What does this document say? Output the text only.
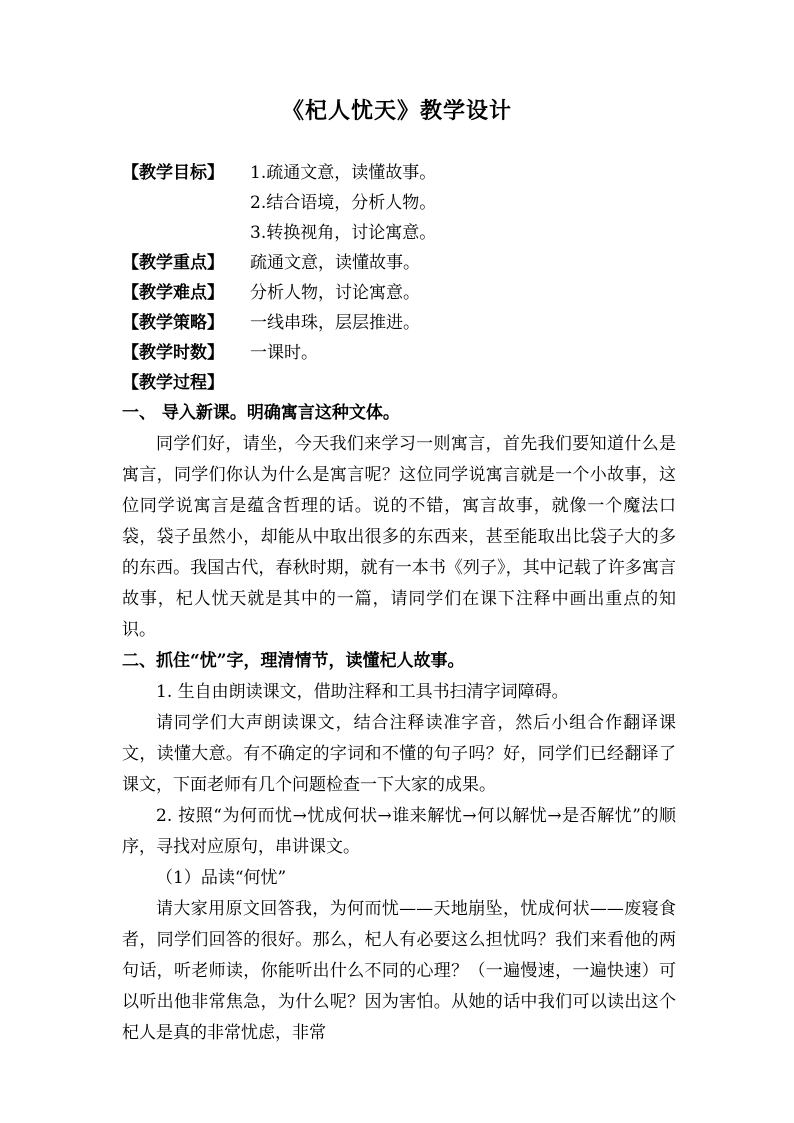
《杞人忧天》教学设计
【教学目标】	1.疏通文意，读懂故事。
2.结合语境，分析人物。
3.转换视角，讨论寓意。
【教学重点】	疏通文意，读懂故事。
【教学难点】	分析人物，讨论寓意。
【教学策略】	一线串珠，层层推进。
【教学时数】	一课时。
【教学过程】
一、 导入新课。明确寓言这种文体。

同学们好，请坐，今天我们来学习一则寓言，首先我们要知道什么是寓言，同学们你认为什么是寓言呢？这位同学说寓言就是一个小故事，这位同学说寓言是蕴含哲理的话。说的不错，寓言故事，就像一个魔法口袋，袋子虽然小，却能从中取出很多的东西来，甚至能取出比袋子大的多的东西。我国古代，春秋时期，就有一本书《列子》，其中记载了许多寓言故事，杞人忧天就是其中的一篇，请同学们在课下注释中画出重点的知识。

二、抓住“忧”字，理清情节，读懂杞人故事。
1. 生自由朗读课文，借助注释和工具书扫清字词障碍。

请同学们大声朗读课文，结合注释读准字音，然后小组合作翻译课文，读懂大意。有不确定的字词和不懂的句子吗？好，同学们已经翻译了课文，下面老师有几个问题检查一下大家的成果。

2. 按照“为何而忧→忧成何状→谁来解忧→何以解忧→是否解忧”的顺序，寻找对应原句，串讲课文。

（1）品读“何忧”

请大家用原文回答我，为何而忧——天地崩坠，忧成何状——废寝食者，同学们回答的很好。那么，杞人有必要这么担忧吗？我们来看他的两句话，听老师读，你能听出什么不同的心理？（一遍慢速，一遍快速）可以听出他非常焦急，为什么呢？因为害怕。从她的话中我们可以读出这个杞人是真的非常忧虑，非常
